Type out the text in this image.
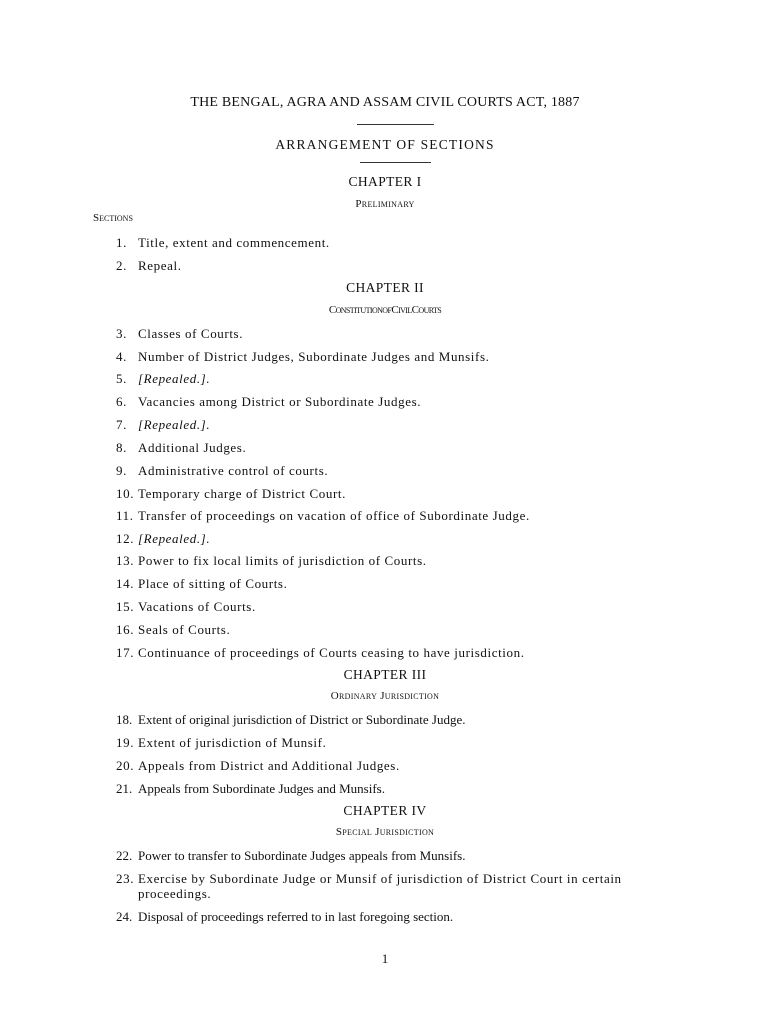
THE BENGAL, AGRA AND ASSAM CIVIL COURTS ACT, 1887
ARRANGEMENT OF SECTIONS
CHAPTER I
Preliminary
Sections
1. Title, extent and commencement.
2. Repeal.
CHAPTER II
ConstitutionofCivilCourts
3. Classes of Courts.
4. Number of District Judges, Subordinate Judges and Munsifs.
5. [Repealed.].
6. Vacancies among District or Subordinate Judges.
7. [Repealed.].
8. Additional Judges.
9. Administrative control of courts.
10. Temporary charge of District Court.
11. Transfer of proceedings on vacation of office of Subordinate Judge.
12. [Repealed.].
13. Power to fix local limits of jurisdiction of Courts.
14. Place of sitting of Courts.
15. Vacations of Courts.
16. Seals of Courts.
17. Continuance of proceedings of Courts ceasing to have jurisdiction.
CHAPTER III
Ordinary Jurisdiction
18. Extent of original jurisdiction of District or Subordinate Judge.
19. Extent of jurisdiction of Munsif.
20. Appeals from District and Additional Judges.
21. Appeals from Subordinate Judges and Munsifs.
CHAPTER IV
Special Jurisdiction
22. Power to transfer to Subordinate Judges appeals from Munsifs.
23. Exercise by Subordinate Judge or Munsif of jurisdiction of District Court in certain proceedings.
24. Disposal of proceedings referred to in last foregoing section.
1
